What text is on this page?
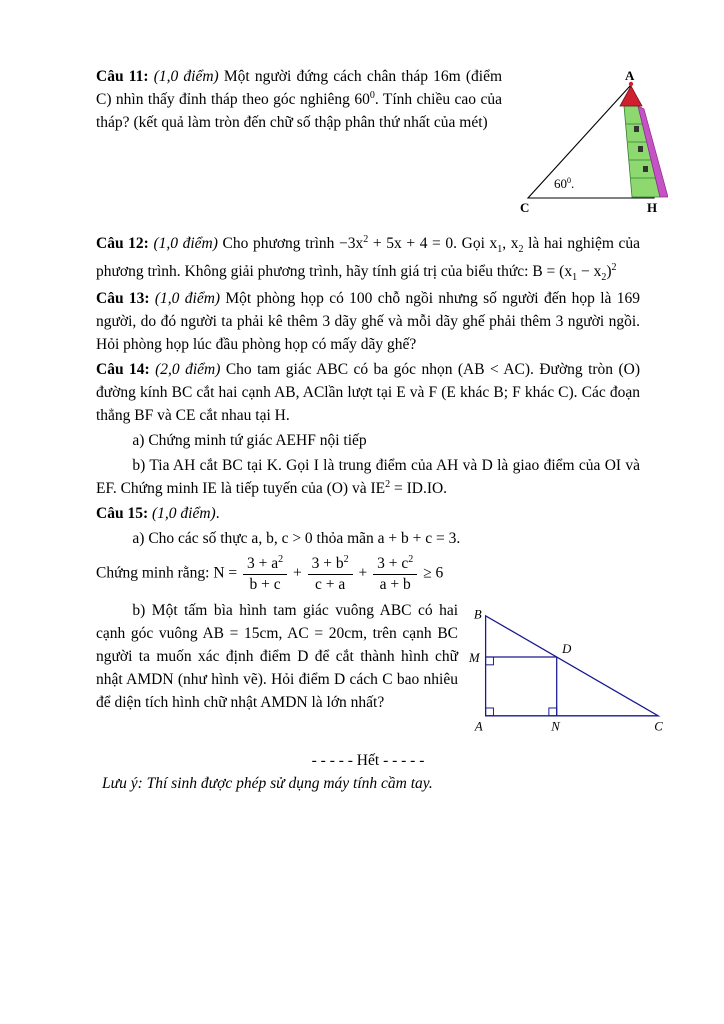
Câu 11: (1,0 điểm) Một người đứng cách chân tháp 16m (điểm C) nhìn thấy đỉnh tháp theo góc nghiêng $60^0$. Tính chiều cao của tháp? (kết quả làm tròn đến chữ số thập phân thứ nhất của mét)

A
C	H
$60^0$.

Câu 12: (1,0 điểm) Cho phương trình $-3x^2 + 5x + 4 = 0$. Gọi $x_1$, $x_2$ là hai nghiệm của phương trình. Không giải phương trình, hãy tính giá trị của biểu thức: $B = (x_1 - x_2)^2$

Câu 13: (1,0 điểm) Một phòng họp có 100 chỗ ngồi nhưng số người đến họp là 169 người, do đó người ta phải kê thêm 3 dãy ghế và mỗi dãy ghế phải thêm 3 người ngồi. Hỏi phòng họp lúc đầu phòng họp có mấy dãy ghế?

Câu 14: (2,0 điểm) Cho tam giác ABC có ba góc nhọn (AB < AC). Đường tròn (O) đường kính BC cắt hai cạnh AB, AClần lượt tại E và F (E khác B; F khác C). Các đoạn thẳng BF và CE cắt nhau tại H.

a) Chứng minh tứ giác AEHF nội tiếp

b) Tia AH cắt BC tại K. Gọi I là trung điểm của AH và D là giao điểm của OI và EF. Chứng minh IE là tiếp tuyến của (O) và $IE^2 = ID.IO$.

Câu 15: (1,0 điểm).

a) Cho các số thực a, b, c > 0 thỏa mãn a + b + c = 3.

Chứng minh rằng: $N = \frac{3 + a^2}{b + c} + \frac{3 + b^2}{c + a} + \frac{3 + c^2}{a + b} \ge 6$

b) Một tấm bìa hình tam giác vuông ABC có hai cạnh góc vuông AB = 15cm, AC = 20cm, trên cạnh BC người ta muốn xác định điểm D để cắt thành hình chữ nhật AMDN (như hình vẽ). Hỏi điểm D cách C bao nhiêu để diện tích hình chữ nhật AMDN là lớn nhất?

B
M
D
A	N	C

- - - - - Hết - - - - -

Lưu ý: Thí sinh được phép sử dụng máy tính cầm tay.
